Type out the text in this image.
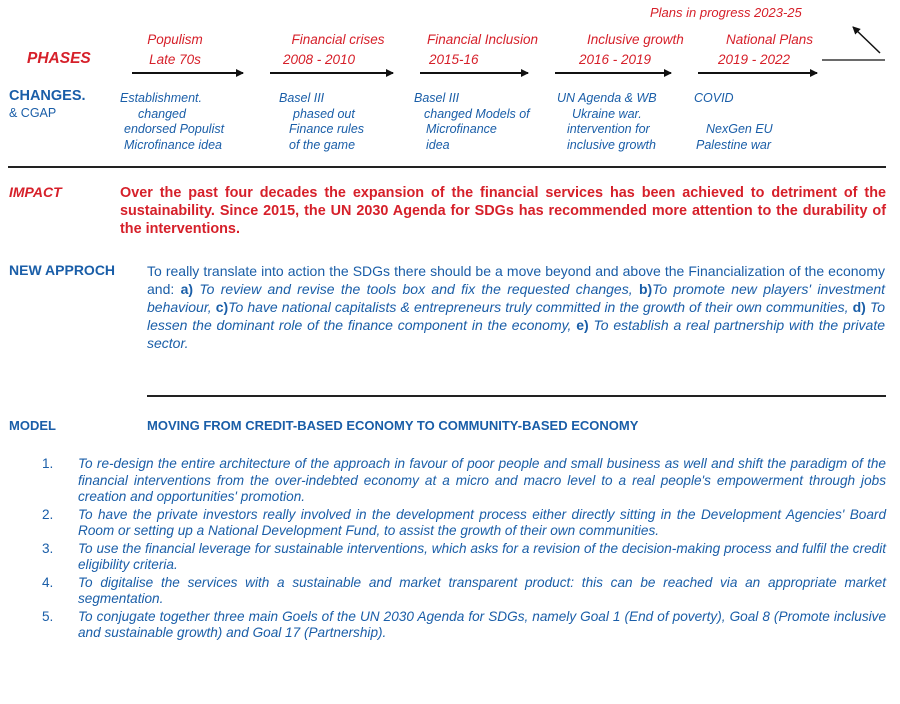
Plans in progress 2023-25
PHASES
Populism
Late 70s
Financial crises
2008 - 2010
Financial Inclusion
2015-16
Inclusive growth
2016 - 2019
National Plans
2019 - 2022
CHANGES.
& CGAP
Establishment.
changed
endorsed Populist
Microfinance idea
Basel III
phased out
Finance rules
of the game
Basel III
changed Models of
Microfinance
idea
UN Agenda & WB
Ukraine war.
intervention for
inclusive growth
COVID

NexGen EU
Palestine war
IMPACT	Over the past four decades the expansion of the financial services has been achieved to detriment of the sustainability. Since 2015, the UN 2030 Agenda for SDGs has recommended more attention to the durability of the interventions.
NEW APPROCH To really translate into action the SDGs there should be a move beyond and above the Financialization of the economy and: a) To review and revise the tools box and fix the requested changes, b)To promote new players' investment behaviour, c)To have national capitalists & entrepreneurs truly committed in the growth of their own communities, d) To lessen the dominant role of the finance component in the economy, e) To establish a real partnership with the private sector.
MODEL	MOVING FROM CREDIT-BASED ECONOMY TO COMMUNITY-BASED ECONOMY
1. To re-design the entire architecture of the approach in favour of poor people and small business as well and shift the paradigm of the financial interventions from the over-indebted economy at a micro and macro level to a real people's empowerment through jobs creation and opportunities' promotion.
2. To have the private investors really involved in the development process either directly sitting in the Development Agencies' Board Room or setting up a National Development Fund, to assist the growth of their own communities.
3. To use the financial leverage for sustainable interventions, which asks for a revision of the decision-making process and fulfil the credit eligibility criteria.
4. To digitalise the services with a sustainable and market transparent product: this can be reached via an appropriate market segmentation.
5. To conjugate together three main Goels of the UN 2030 Agenda for SDGs, namely Goal 1 (End of poverty), Goal 8 (Promote inclusive and sustainable growth) and Goal 17 (Partnership).
